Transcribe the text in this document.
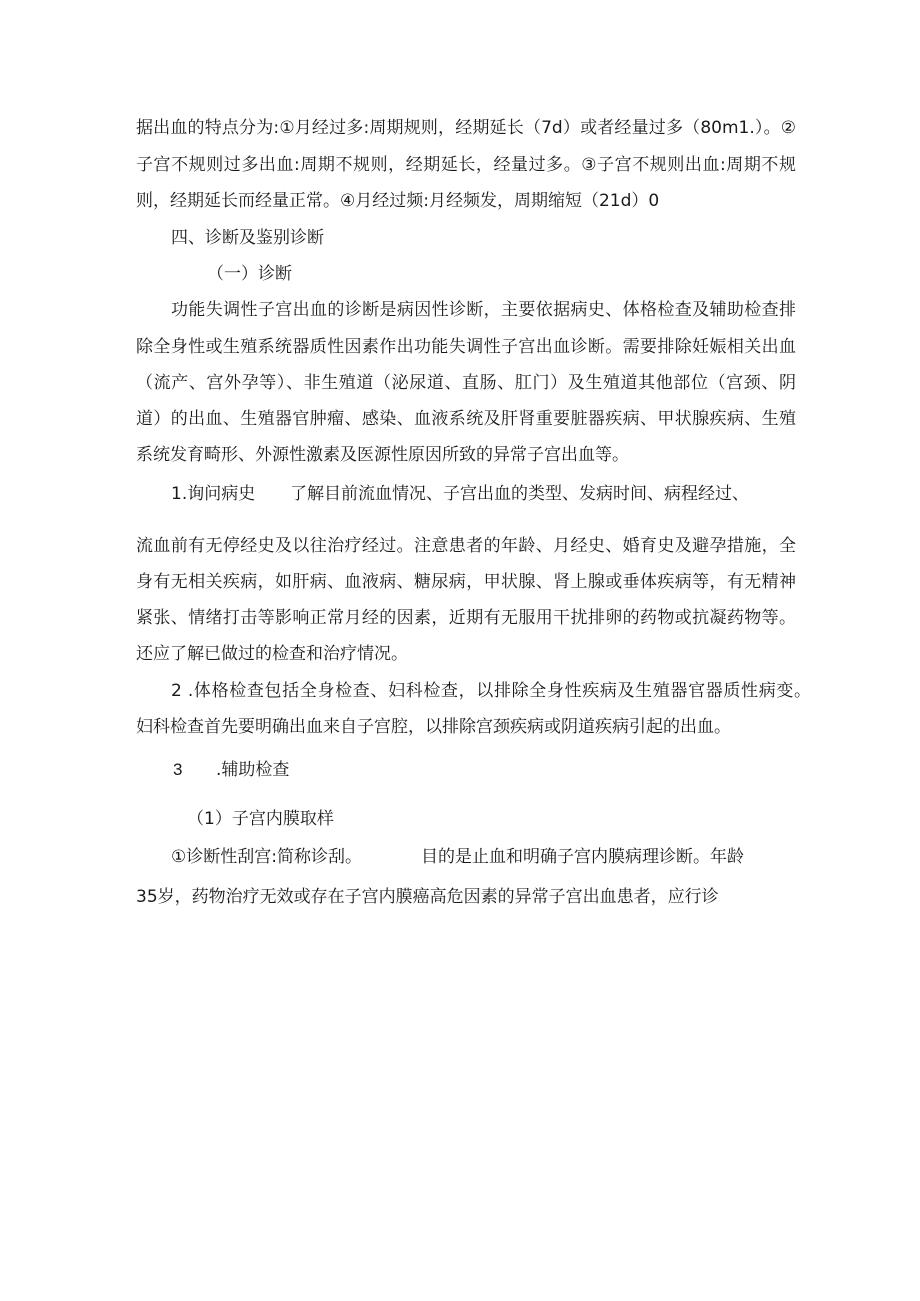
据出血的特点分为:①月经过多:周期规则，经期延长（7d）或者经量过多（80m1.）。②
子宫不规则过多出血:周期不规则，经期延长，经量过多。③子宫不规则出血:周期不规
则，经期延长而经量正常。④月经过频:月经频发，周期缩短（21d）0
四、诊断及鉴别诊断
（一）诊断
功能失调性子宫出血的诊断是病因性诊断，主要依据病史、体格检查及辅助检查排
除全身性或生殖系统器质性因素作出功能失调性子宫出血诊断。需要排除妊娠相关出血
（流产、宫外孕等）、非生殖道（泌尿道、直肠、肛门）及生殖道其他部位（宫颈、阴
道）的出血、生殖器官肿瘤、感染、血液系统及肝肾重要脏器疾病、甲状腺疾病、生殖
系统发育畸形、外源性激素及医源性原因所致的异常子宫出血等。
1.询问病史 了解目前流血情况、子宫出血的类型、发病时间、病程经过、
流血前有无停经史及以往治疗经过。注意患者的年龄、月经史、婚育史及避孕措施，全
身有无相关疾病，如肝病、血液病、糖尿病，甲状腺、肾上腺或垂体疾病等，有无精神
紧张、情绪打击等影响正常月经的因素，近期有无服用干扰排卵的药物或抗凝药物等。
还应了解已做过的检查和治疗情况。
2 .体格检查包括全身检查、妇科检查，以排除全身性疾病及生殖器官器质性病变。
妇科检查首先要明确出血来自子宫腔，以排除宫颈疾病或阴道疾病引起的出血。
3 .辅助检查
（1）子宫内膜取样
①诊断性刮宫:简称诊刮。	目的是止血和明确子宫内膜病理诊断。年龄
35岁，药物治疗无效或存在子宫内膜癌高危因素的异常子宫出血患者，应行诊
